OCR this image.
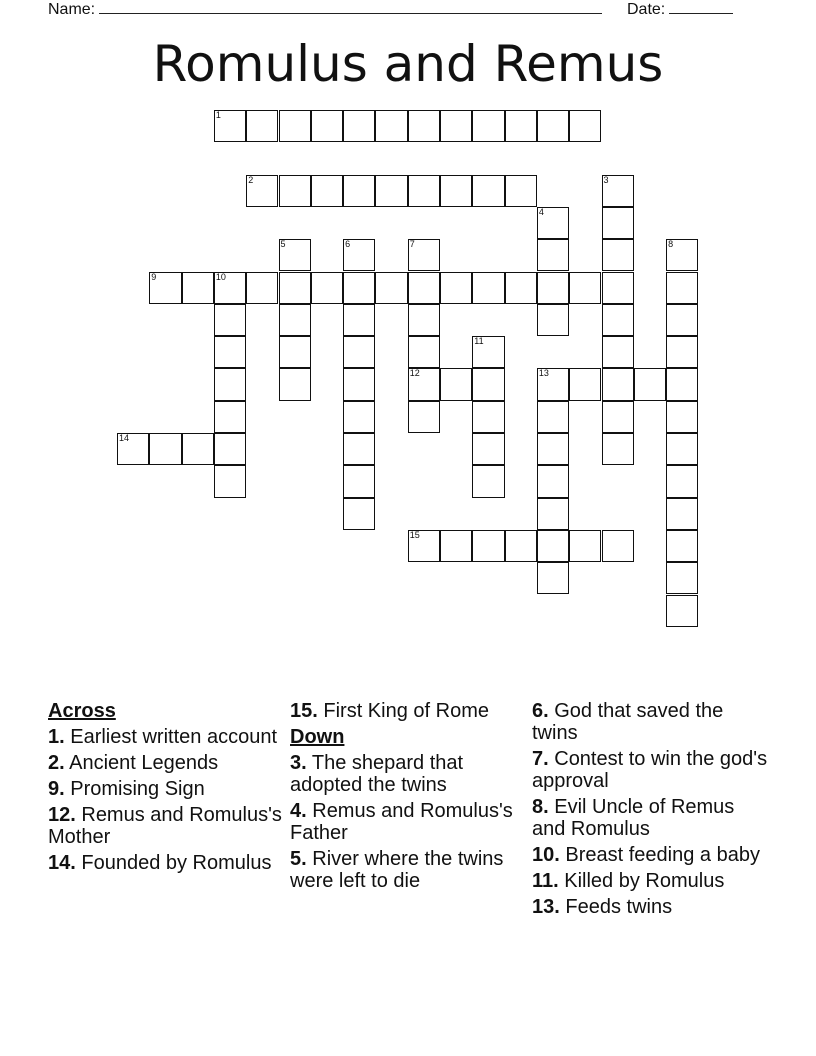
Name:	Date:
Romulus and Remus
1
2	3
4
5	6	7
12
8
9	10
11
13
14
15
Across
1. Earliest written account
2. Ancient Legends
9. Promising Sign
12. Remus and Romulus's Mother
14. Founded by Romulus
15. First King of Rome
Down
3. The shepard that adopted the twins
4. Remus and Romulus's Father
5. River where the twins were left to die
6. God that saved the twins
7. Contest to win the god's approval
8. Evil Uncle of Remus and Romulus
10. Breast feeding a baby
11. Killed by Romulus
13. Feeds twins
